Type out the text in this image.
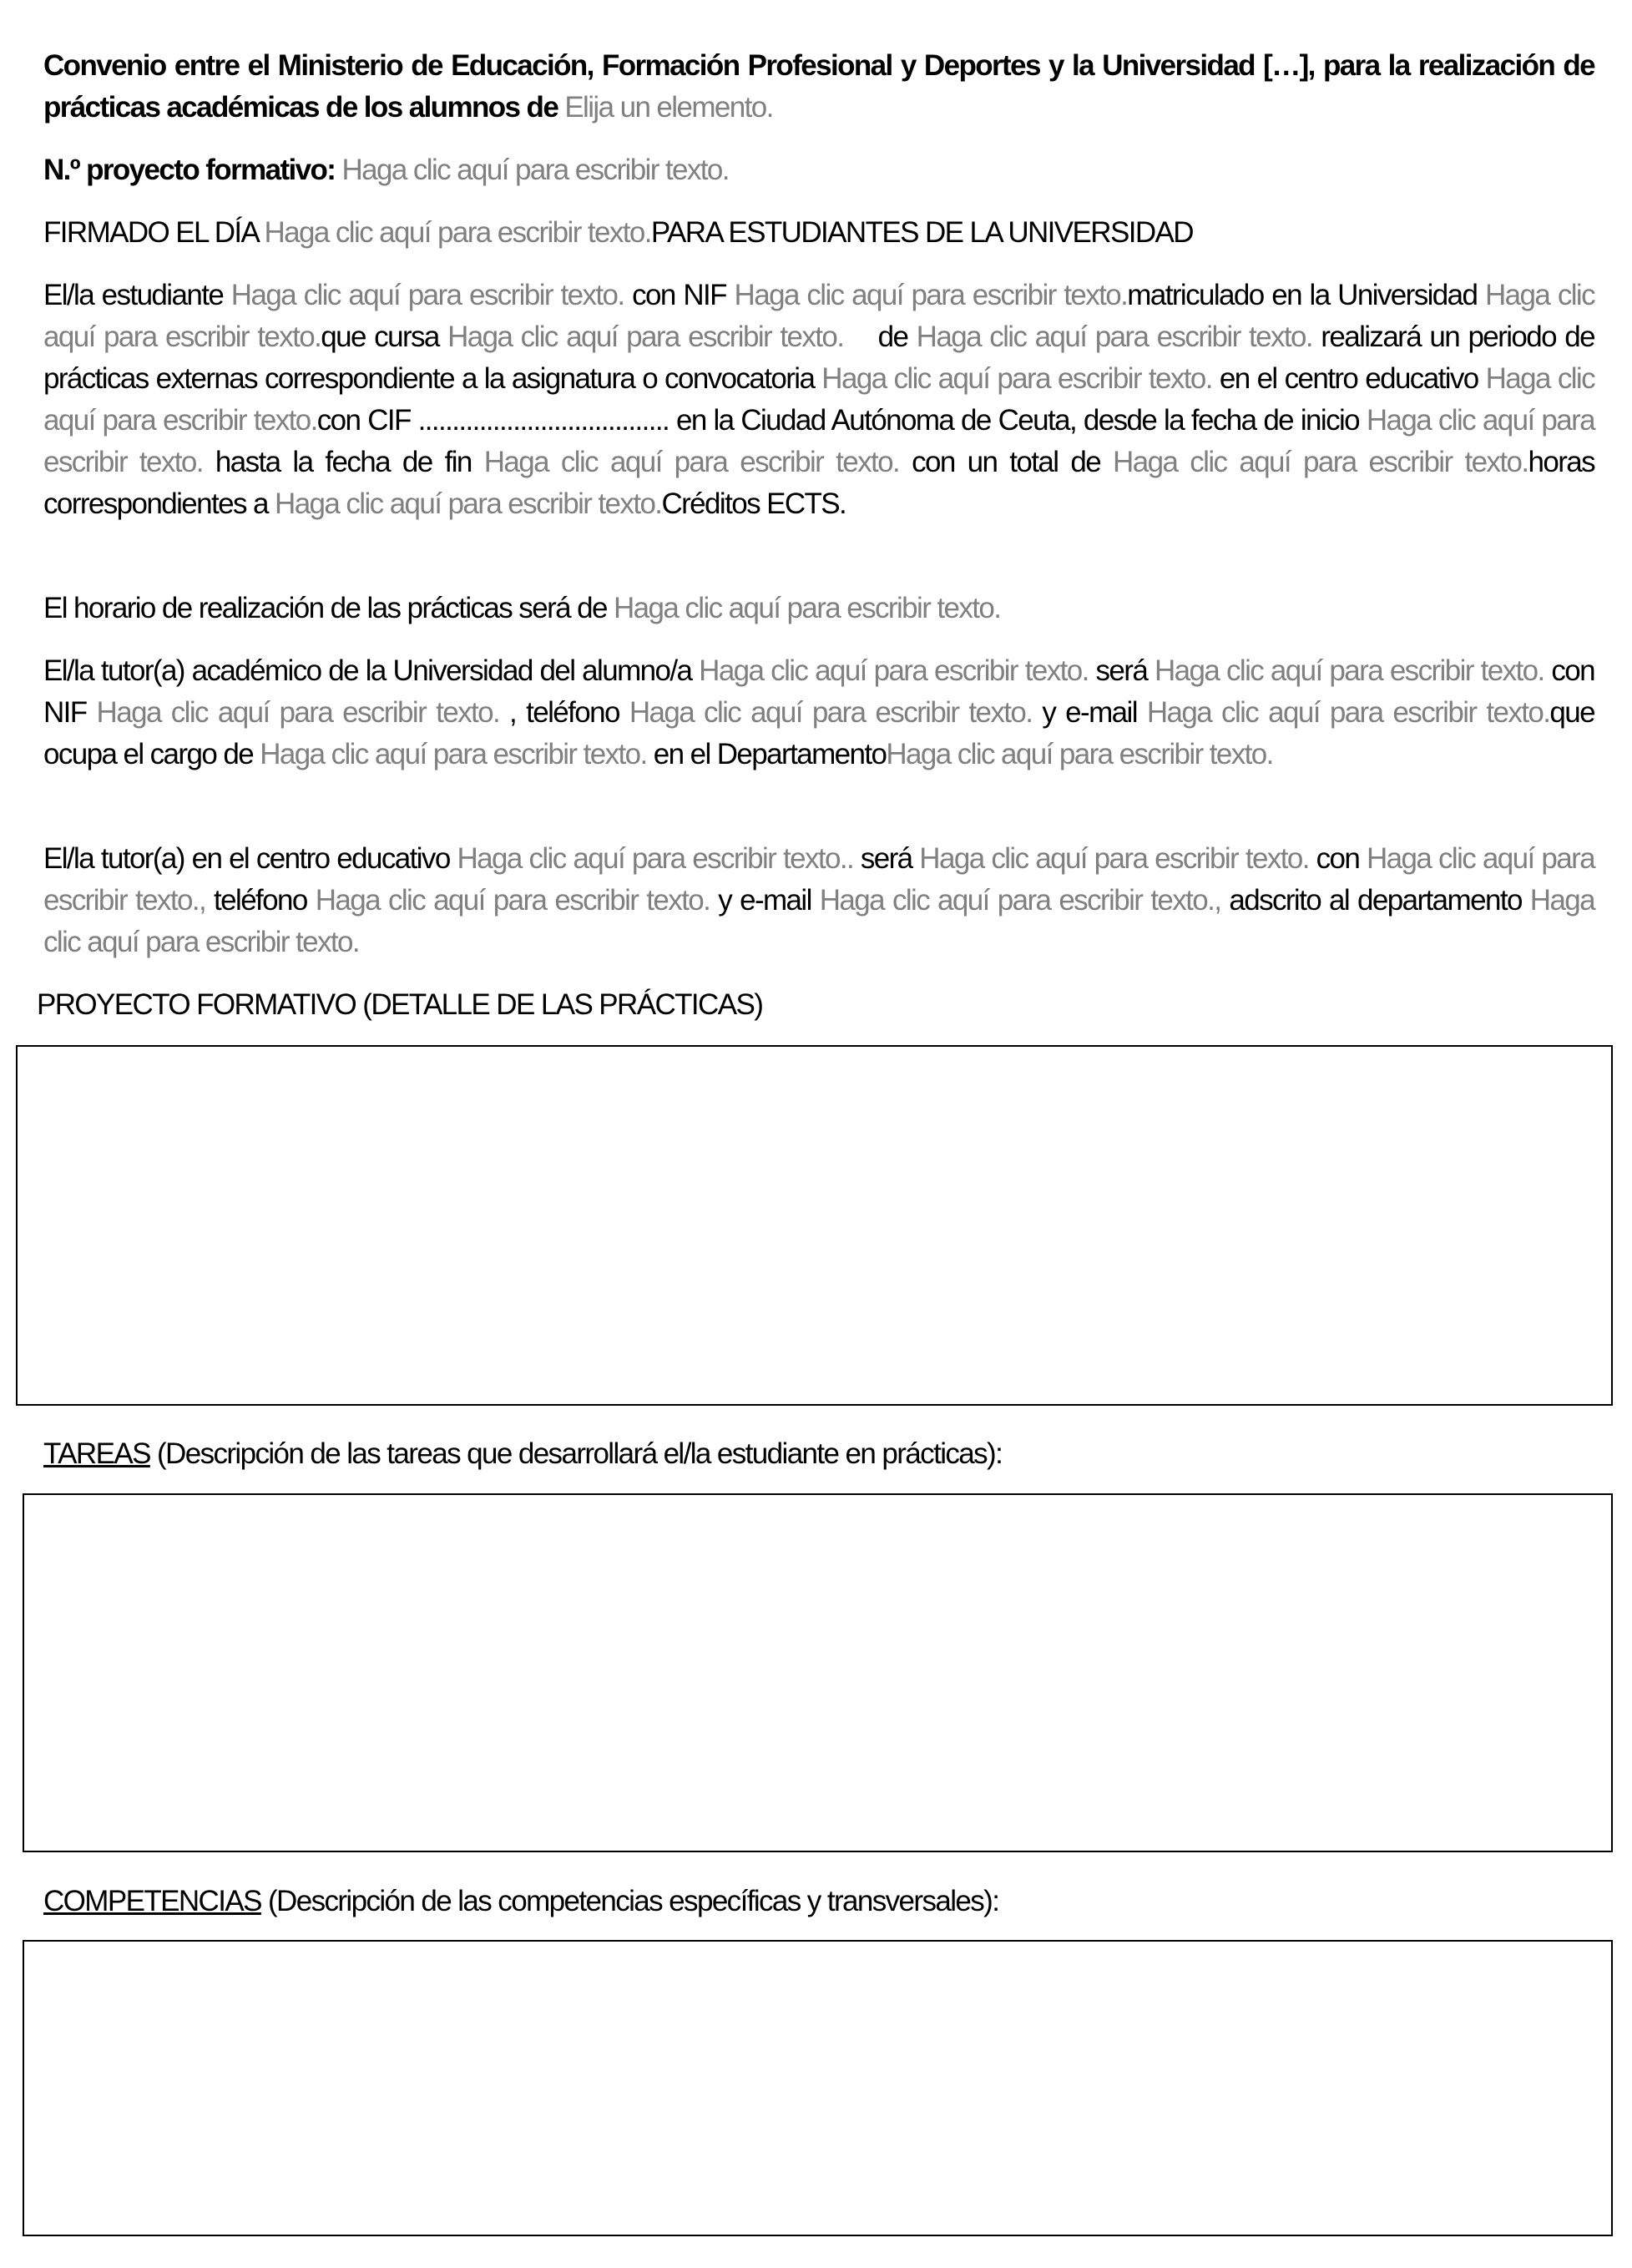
Convenio entre el Ministerio de Educación, Formación Profesional y Deportes y la Universidad […], para la realización de prácticas académicas de los alumnos de Elija un elemento.

N.º proyecto formativo: Haga clic aquí para escribir texto.

FIRMADO EL DÍA Haga clic aquí para escribir texto.PARA ESTUDIANTES DE LA UNIVERSIDAD

El/la estudiante Haga clic aquí para escribir texto. con NIF Haga clic aquí para escribir texto.matriculado en la Universidad Haga clic aquí para escribir texto.que cursa Haga clic aquí para escribir texto. de Haga clic aquí para escribir texto. realizará un periodo de prácticas externas correspondiente a la asignatura o convocatoria Haga clic aquí para escribir texto. en el centro educativo Haga clic aquí para escribir texto.con CIF ..................................... en la Ciudad Autónoma de Ceuta, desde la fecha de inicio Haga clic aquí para escribir texto. hasta la fecha de fin Haga clic aquí para escribir texto. con un total de Haga clic aquí para escribir texto.horas correspondientes a Haga clic aquí para escribir texto.Créditos ECTS.

El horario de realización de las prácticas será de Haga clic aquí para escribir texto.

El/la tutor(a) académico de la Universidad del alumno/a Haga clic aquí para escribir texto. será Haga clic aquí para escribir texto. con NIF Haga clic aquí para escribir texto. , teléfono Haga clic aquí para escribir texto. y e-mail Haga clic aquí para escribir texto.que ocupa el cargo de Haga clic aquí para escribir texto. en el DepartamentoHaga clic aquí para escribir texto.

El/la tutor(a) en el centro educativo Haga clic aquí para escribir texto.. será Haga clic aquí para escribir texto. con Haga clic aquí para escribir texto., teléfono Haga clic aquí para escribir texto. y e-mail Haga clic aquí para escribir texto., adscrito al departamento Haga clic aquí para escribir texto.

PROYECTO FORMATIVO (DETALLE DE LAS PRÁCTICAS)

TAREAS (Descripción de las tareas que desarrollará el/la estudiante en prácticas):

COMPETENCIAS (Descripción de las competencias específicas y transversales):
